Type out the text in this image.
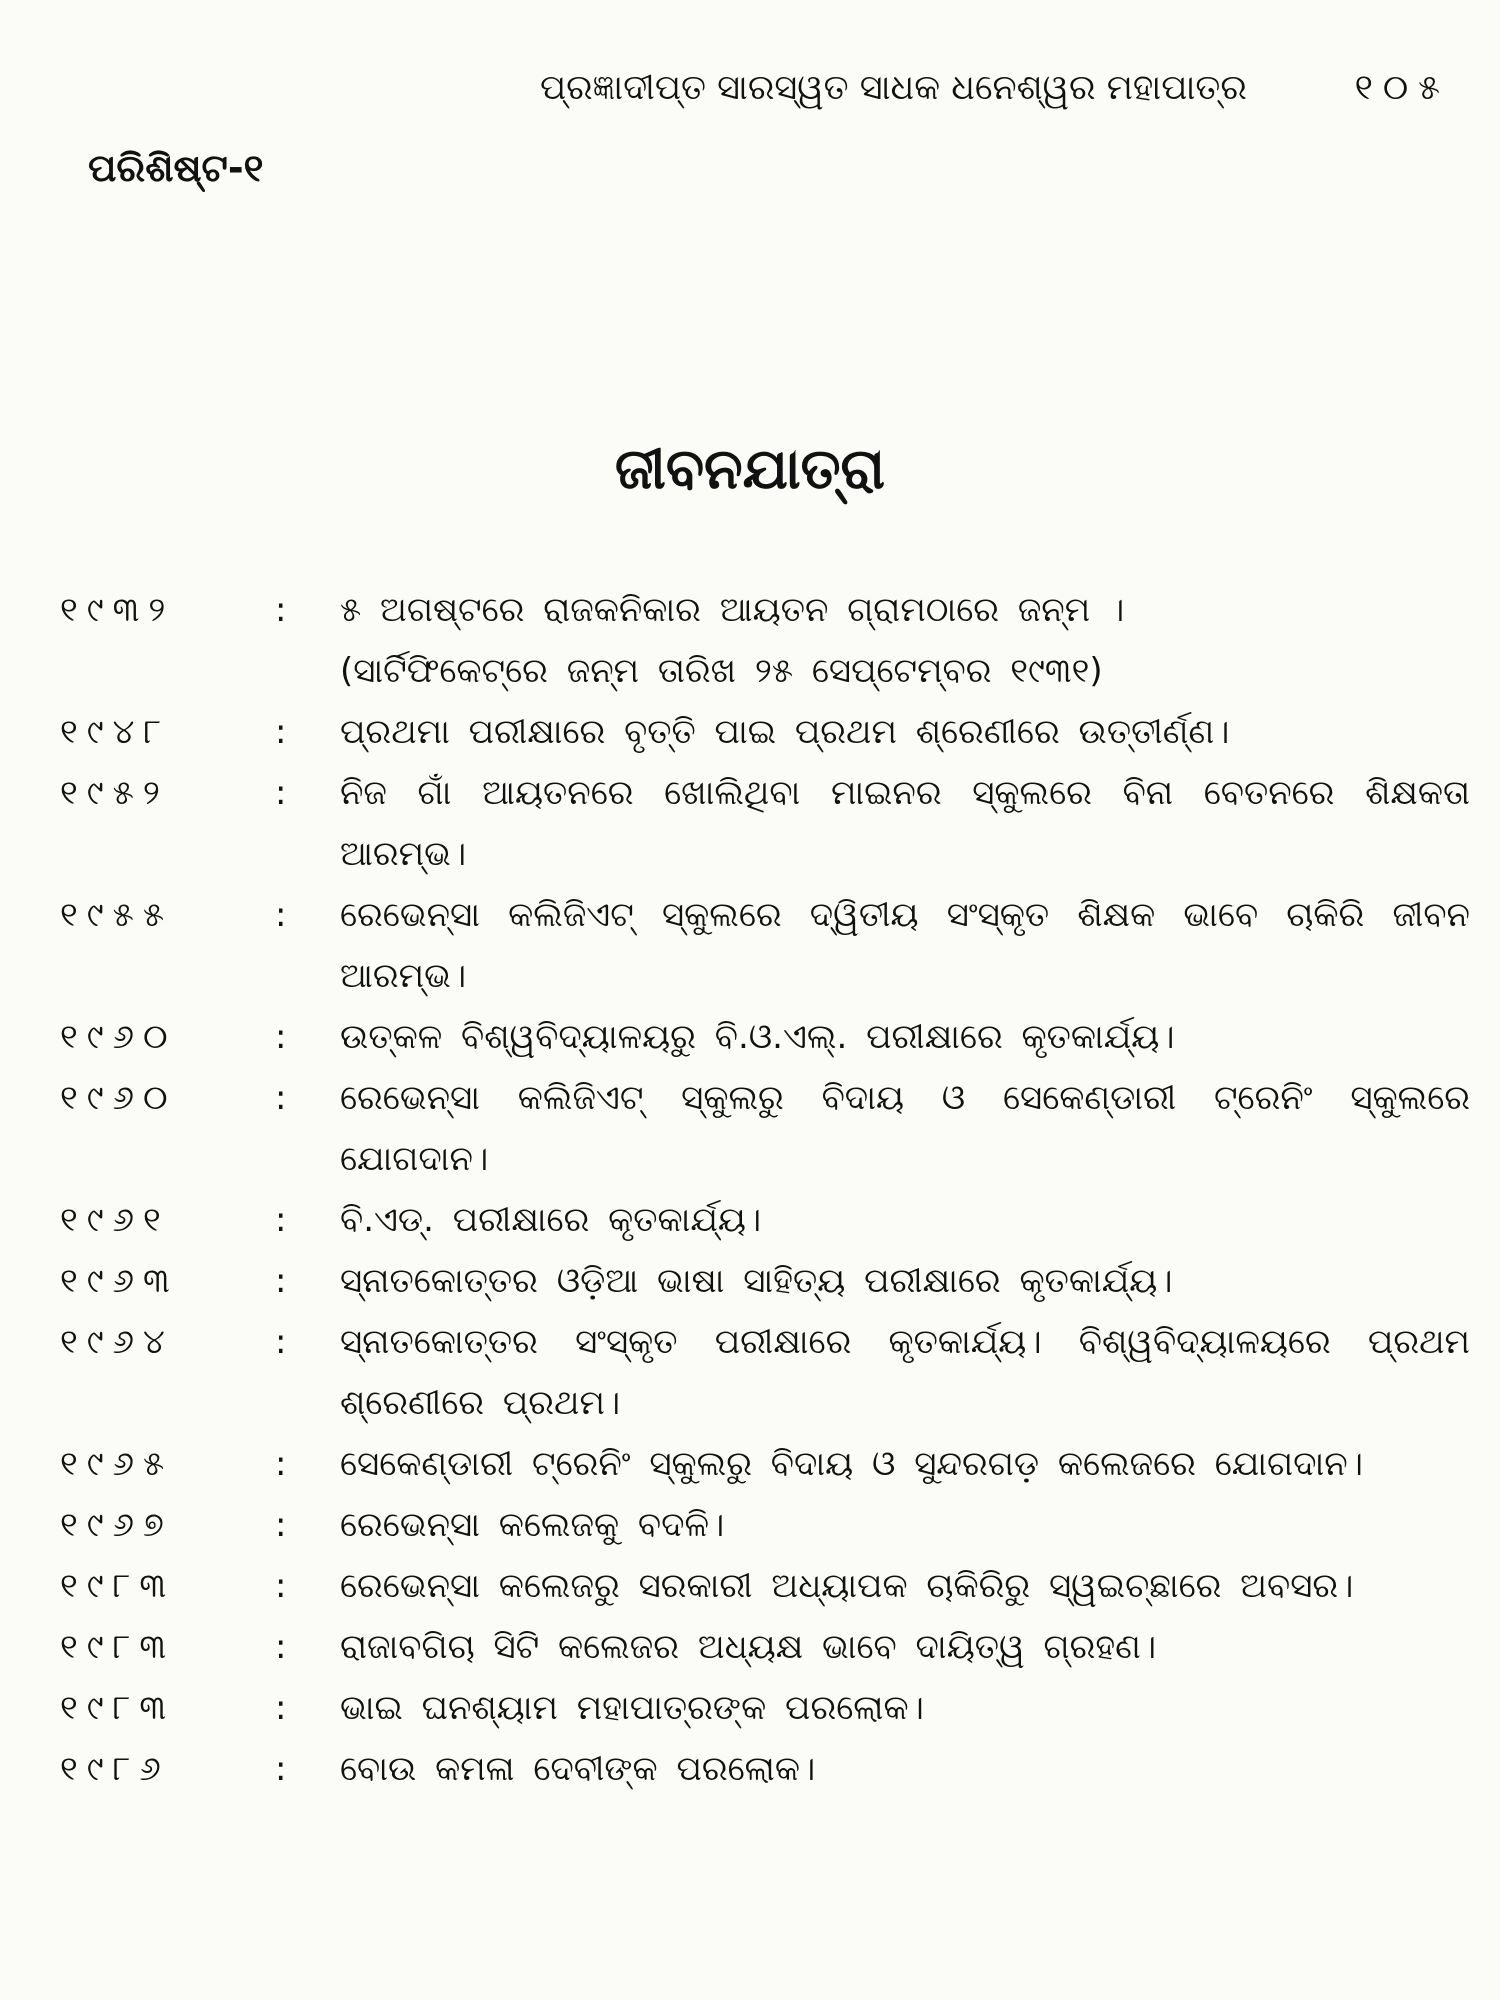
ପ୍ରଜ୍ଞାଦୀପ୍ତ ସାରସ୍ୱତ ସାଧକ ଧନେଶ୍ୱର ମହାପାତ୍ର	୧୦୫
ପରିଶିଷ୍ଟ-୧
ଜୀବନଯାତ୍ରା
୧୯୩୨	:	୫ ଅଗଷ୍ଟରେ ରାଜକନିକାର ଆୟତନ ଗ୍ରାମଠାରେ ଜନ୍ମ ।
(ସାର୍ଟିଫିକେଟ୍‌ରେ ଜନ୍ମ ତାରିଖ ୨୫ ସେପ୍ଟେମ୍ବର ୧୯୩୧)
୧୯୪୮	:	ପ୍ରଥମା ପରୀକ୍ଷାରେ ବୃତ୍ତି ପାଇ ପ୍ରଥମ ଶ୍ରେଣୀରେ ଉତ୍ତୀର୍ଣ୍ଣ।
୧୯୫୨	:	ନିଜ ଗାଁ ଆୟତନରେ ଖୋଲିଥିବା ମାଇନର ସ୍କୁଲରେ ବିନା ବେତନରେ ଶିକ୍ଷକତା ଆରମ୍ଭ।
୧୯୫୫	:	ରେଭେନ୍ସା କଲିଜିଏଟ୍ ସ୍କୁଲରେ ଦ୍ୱିତୀୟ ସଂସ୍କୃତ ଶିକ୍ଷକ ଭାବେ ଚାକିରି ଜୀବନ ଆରମ୍ଭ।
୧୯୬୦	:	ଉତ୍କଳ ବିଶ୍ୱବିଦ୍ୟାଳୟରୁ ବି.ଓ.ଏଲ୍. ପରୀକ୍ଷାରେ କୃତକାର୍ଯ୍ୟ।
୧୯୬୦	:	ରେଭେନ୍ସା କଲିଜିଏଟ୍ ସ୍କୁଲରୁ ବିଦାୟ ଓ ସେକେଣ୍ଡାରୀ ଟ୍ରେନିଂ ସ୍କୁଲରେ ଯୋଗଦାନ।
୧୯୬୧	:	ବି.ଏଡ୍. ପରୀକ୍ଷାରେ କୃତକାର୍ଯ୍ୟ।
୧୯୬୩	:	ସ୍ନାତକୋତ୍ତର ଓଡ଼ିଆ ଭାଷା ସାହିତ୍ୟ ପରୀକ୍ଷାରେ କୃତକାର୍ଯ୍ୟ।
୧୯୬୪	:	ସ୍ନାତକୋତ୍ତର ସଂସ୍କୃତ ପରୀକ୍ଷାରେ କୃତକାର୍ଯ୍ୟ। ବିଶ୍ୱବିଦ୍ୟାଳୟରେ ପ୍ରଥମ ଶ୍ରେଣୀରେ ପ୍ରଥମ।
୧୯୬୫	:	ସେକେଣ୍ଡାରୀ ଟ୍ରେନିଂ ସ୍କୁଲରୁ ବିଦାୟ ଓ ସୁନ୍ଦରଗଡ଼ କଲେଜରେ ଯୋଗଦାନ।
୧୯୬୭	:	ରେଭେନ୍ସା କଲେଜକୁ ବଦଳି।
୧୯୮୩	:	ରେଭେନ୍ସା କଲେଜରୁ ସରକାରୀ ଅଧ୍ୟାପକ ଚାକିରିରୁ ସ୍ୱଇଚ୍ଛାରେ ଅବସର।
୧୯୮୩	:	ରାଜାବଗିଚା ସିଟି କଲେଜର ଅଧ୍ୟକ୍ଷ ଭାବେ ଦାୟିତ୍ୱ ଗ୍ରହଣ।
୧୯୮୩	:	ଭାଇ ଘନଶ୍ୟାମ ମହାପାତ୍ରଙ୍କ ପରଲୋକ।
୧୯୮୬	:	ବୋଉ କମଳା ଦେବୀଙ୍କ ପରଲୋକ।
